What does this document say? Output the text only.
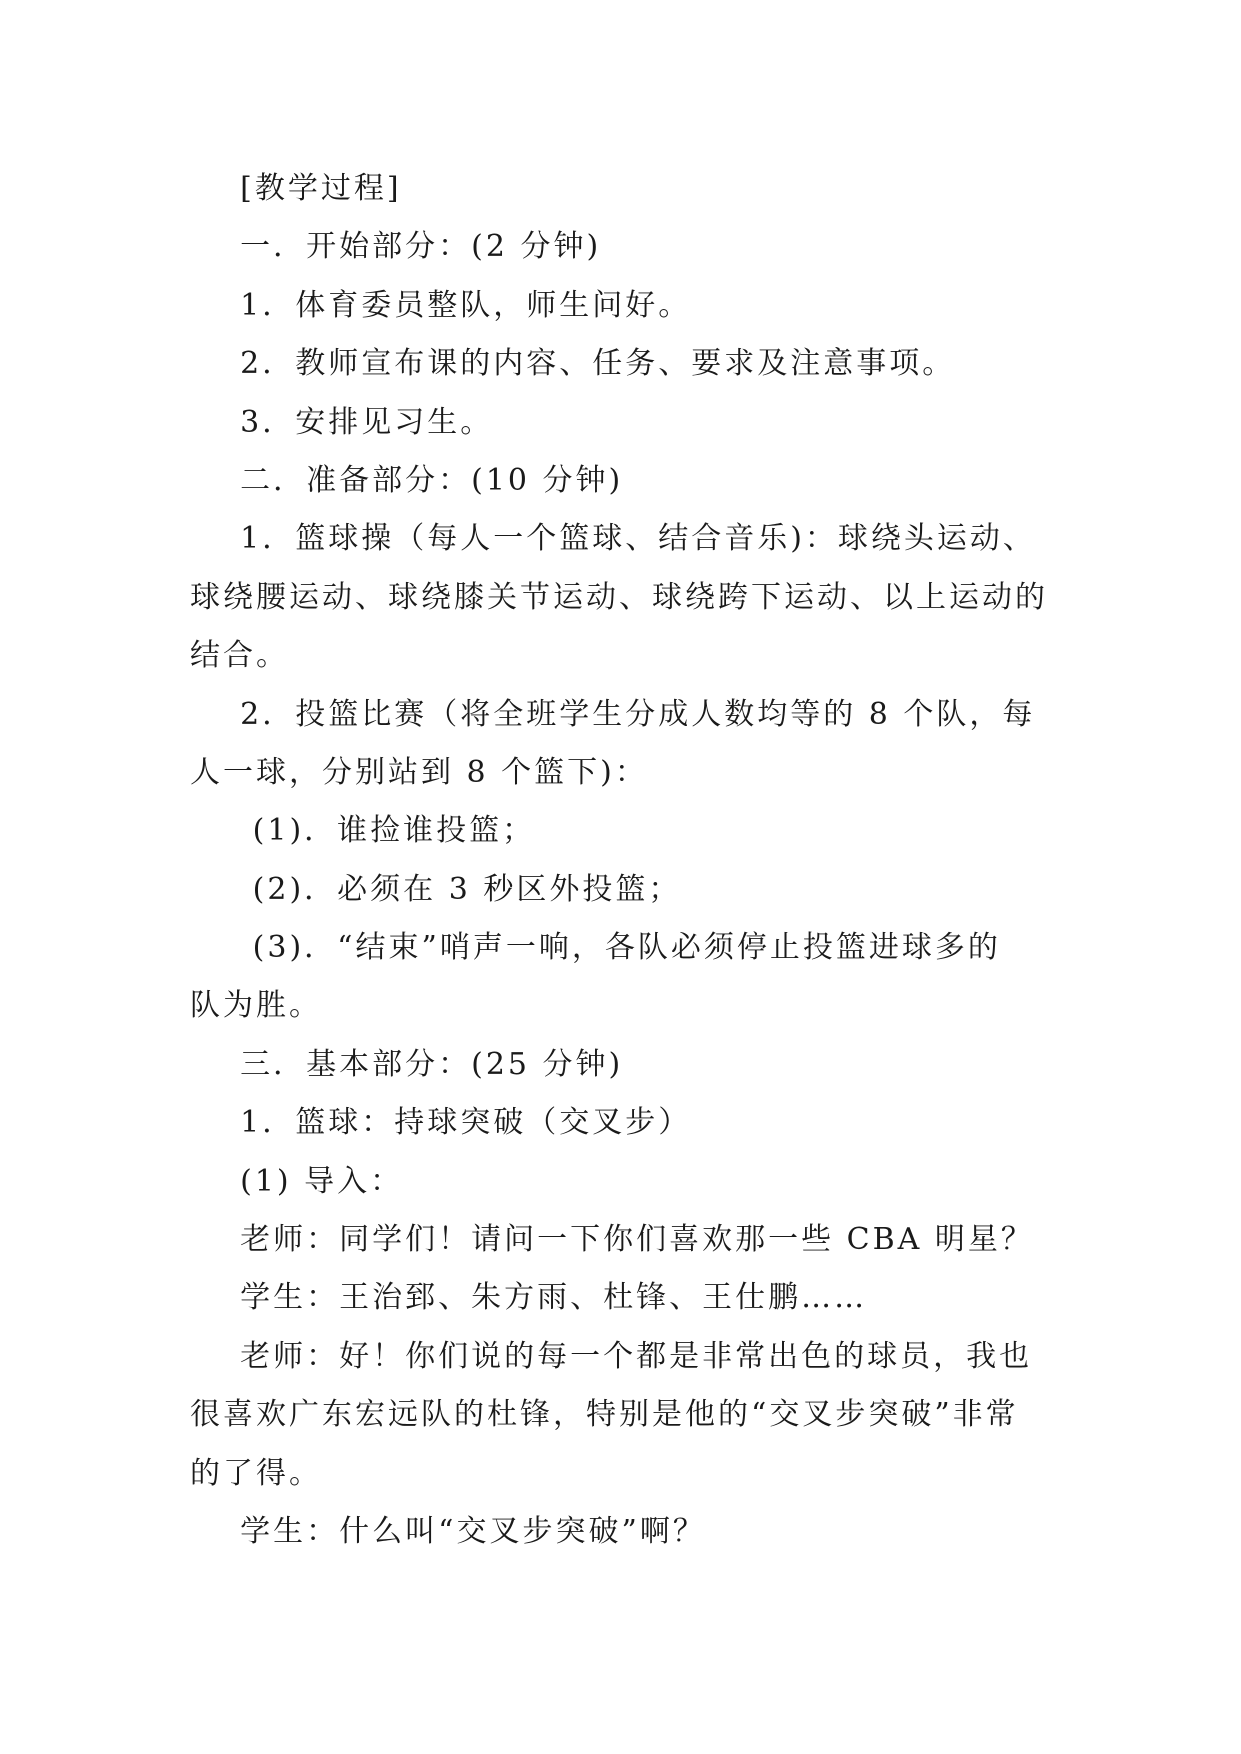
[教学过程]
一．开始部分：(2 分钟)
1．体育委员整队，师生问好。
2．教师宣布课的内容、任务、要求及注意事项。
3．安排见习生。
二．准备部分：(10 分钟)
1．篮球操（每人一个篮球、结合音乐)：球绕头运动、
球绕腰运动、球绕膝关节运动、球绕跨下运动、以上运动的
结合。
2．投篮比赛（将全班学生分成人数均等的 8 个队，每
人一球，分别站到 8 个篮下)：
(1)．谁捡谁投篮；
(2)．必须在 3 秒区外投篮；
(3)．“结束”哨声一响，各队必须停止投篮进球多的
队为胜。
三．基本部分：(25 分钟)
1．篮球：持球突破（交叉步）
(1) 导入：
老师：同学们！请问一下你们喜欢那一些 CBA 明星？
学生：王治郅、朱方雨、杜锋、王仕鹏……
老师：好！你们说的每一个都是非常出色的球员，我也
很喜欢广东宏远队的杜锋，特别是他的“交叉步突破”非常
的了得。
学生：什么叫“交叉步突破”啊？
